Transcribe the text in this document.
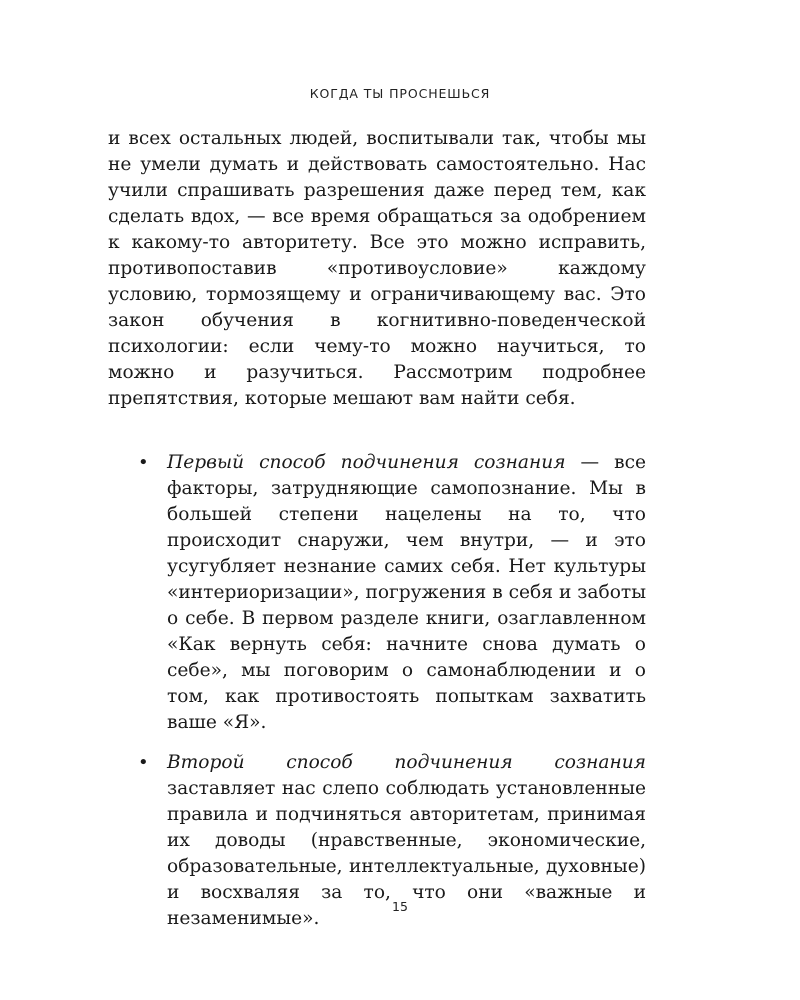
КОГДА ТЫ ПРОСНЕШЬСЯ

и всех остальных людей, воспитывали так, чтобы мы не умели думать и действовать самостоятельно. Нас учили спрашивать разрешения даже перед тем, как сделать вдох, — все время обращаться за одобрением к какому-то авторитету. Все это можно исправить, противопоставив «противоусловие» каждому условию, тормозящему и ограничивающему вас. Это закон обучения в когнитивно-поведенческой психологии: если чему-то можно научиться, то можно и разучиться. Рассмотрим подробнее препятствия, которые мешают вам найти себя.

• Первый способ подчинения сознания — все факторы, затрудняющие самопознание. Мы в большей степени нацелены на то, что происходит снаружи, чем внутри, — и это усугубляет незнание самих себя. Нет культуры «интериоризации», погружения в себя и заботы о себе. В первом разделе книги, озаглавленном «Как вернуть себя: начните снова думать о себе», мы поговорим о самонаблюдении и о том, как противостоять попыткам захватить ваше «Я».
• Второй способ подчинения сознания заставляет нас слепо соблюдать установленные правила и подчиняться авторитетам, принимая их доводы (нравственные, экономические, образовательные, интеллектуальные, духовные) и восхваляя за то, что они «важные и незаменимые».
15
